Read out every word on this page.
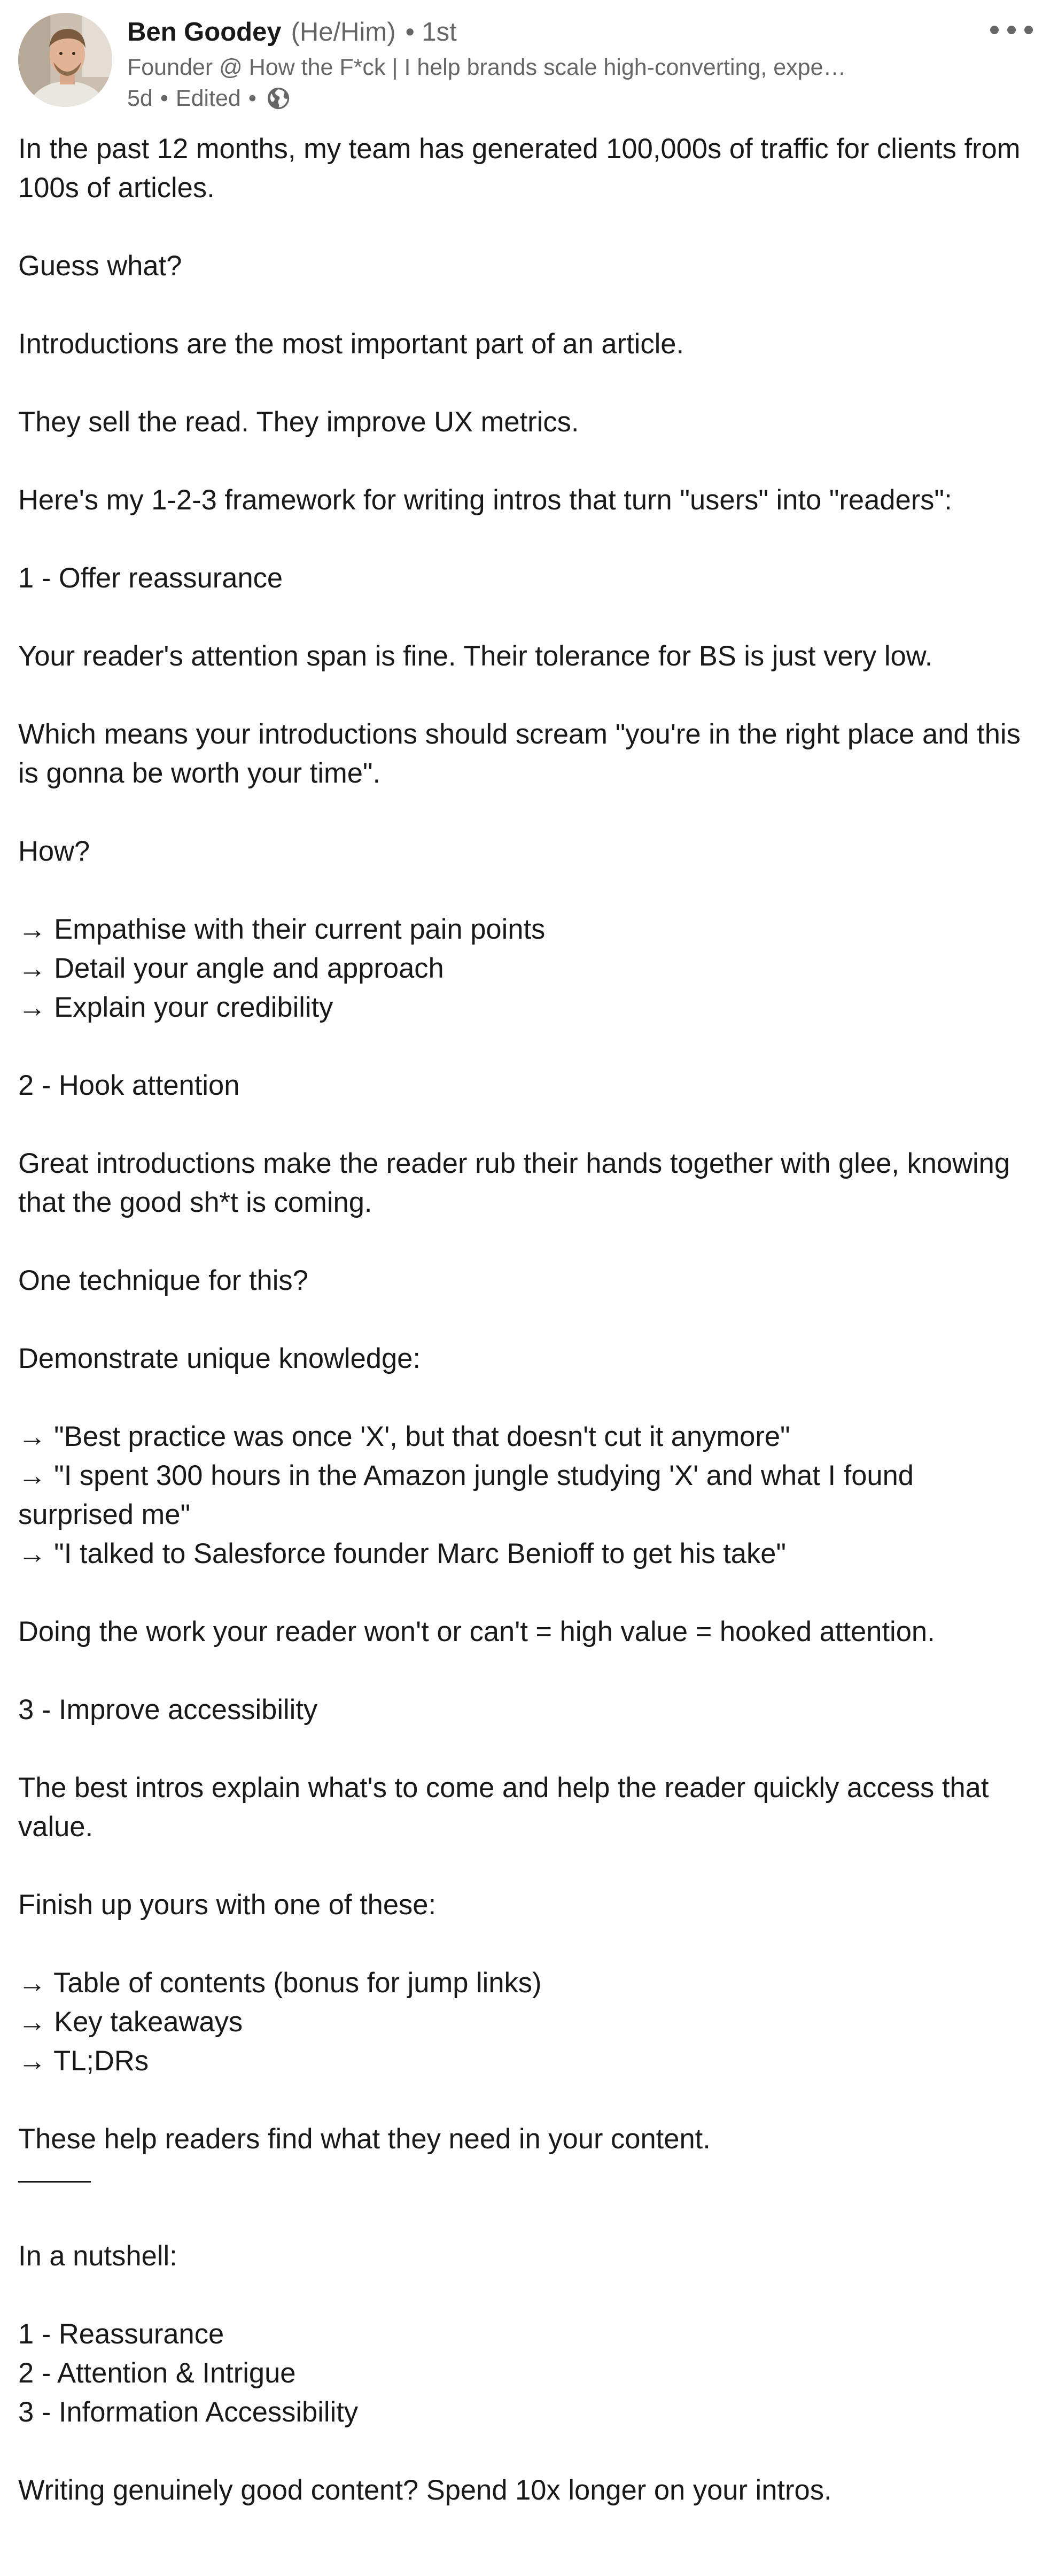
Ben Goodey (He/Him) • 1st
Founder @ How the F*ck | I help brands scale high-converting, expe…
5d • Edited •

In the past 12 months, my team has generated 100,000s of traffic for clients from 100s of articles.

Guess what?

Introductions are the most important part of an article.

They sell the read. They improve UX metrics.

Here's my 1-2-3 framework for writing intros that turn "users" into "readers":

1 - Offer reassurance

Your reader's attention span is fine. Their tolerance for BS is just very low.

Which means your introductions should scream "you're in the right place and this is gonna be worth your time".

How?

→ Empathise with their current pain points
→ Detail your angle and approach
→ Explain your credibility

2 - Hook attention

Great introductions make the reader rub their hands together with glee, knowing that the good sh*t is coming.

One technique for this?

Demonstrate unique knowledge:

→ "Best practice was once 'X', but that doesn't cut it anymore"
→ "I spent 300 hours in the Amazon jungle studying 'X' and what I found surprised me"
→ "I talked to Salesforce founder Marc Benioff to get his take"

Doing the work your reader won't or can't = high value = hooked attention.

3 - Improve accessibility

The best intros explain what's to come and help the reader quickly access that value.

Finish up yours with one of these:

→ Table of contents (bonus for jump links)
→ Key takeaways
→ TL;DRs

These help readers find what they need in your content.

In a nutshell:

1 - Reassurance
2 - Attention & Intrigue
3 - Information Accessibility

Writing genuinely good content? Spend 10x longer on your intros.
